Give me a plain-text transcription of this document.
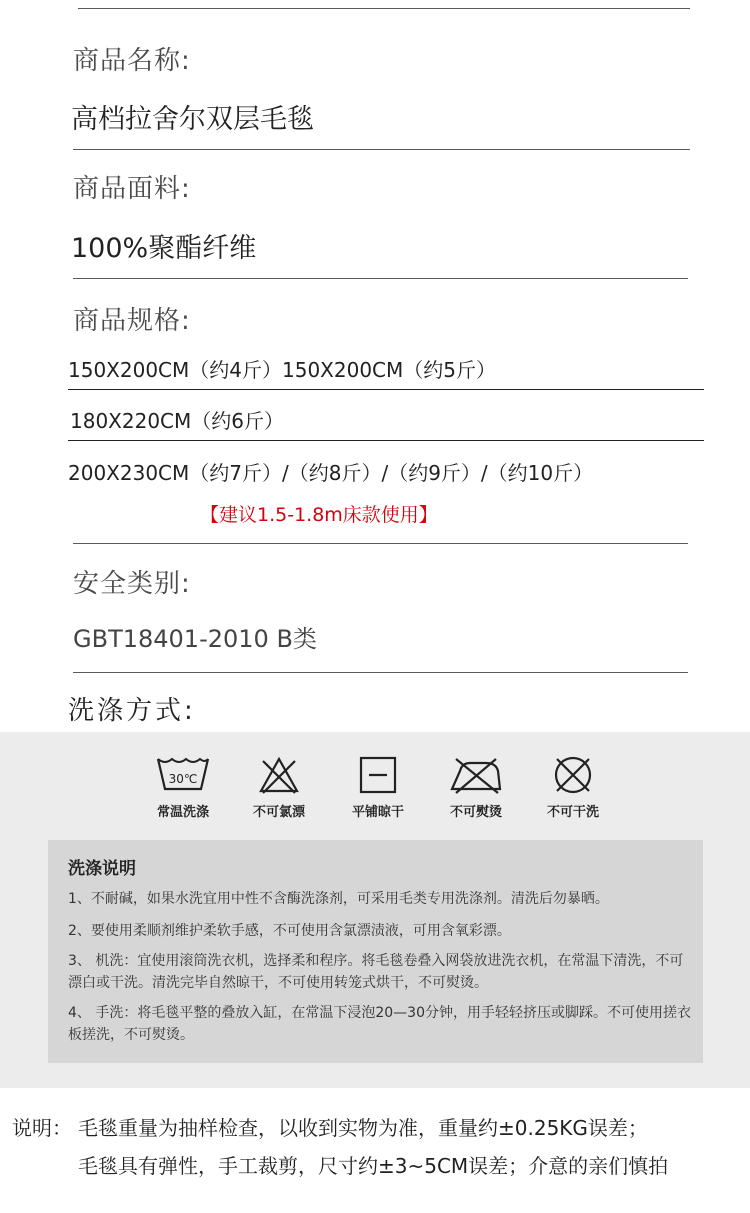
商品名称:
高档拉舍尔双层毛毯
商品面料:
100%聚酯纤维
商品规格:
150X200CM（约4斤）150X200CM（约5斤）
180X220CM（约6斤）
200X230CM（约7斤）/（约8斤）/（约9斤）/（约10斤）
【建议1.5-1.8m床款使用】
安全类别:
GBT18401-2010 B类
洗涤方式:
30℃
常温洗涤	不可氯漂	平铺晾干	不可熨烫	不可干洗
洗涤说明
1、不耐碱，如果水洗宜用中性不含酶洗涤剂，可采用毛类专用洗涤剂。清洗后勿暴晒。
2、要使用柔顺剂维护柔软手感，不可使用含氯漂渍液，可用含氧彩漂。
3、 机洗：宜使用滚筒洗衣机，选择柔和程序。将毛毯卷叠入网袋放进洗衣机，在常温下清洗，不可漂白或干洗。清洗完毕自然晾干，不可使用转笼式烘干，不可熨烫。
4、 手洗：将毛毯平整的叠放入缸，在常温下浸泡20—30分钟，用手轻轻挤压或脚踩。不可使用搓衣板搓洗，不可熨烫。
说明： 毛毯重量为抽样检查，以收到实物为准，重量约±0.25KG误差；
毛毯具有弹性，手工裁剪，尺寸约±3~5CM误差；介意的亲们慎拍
